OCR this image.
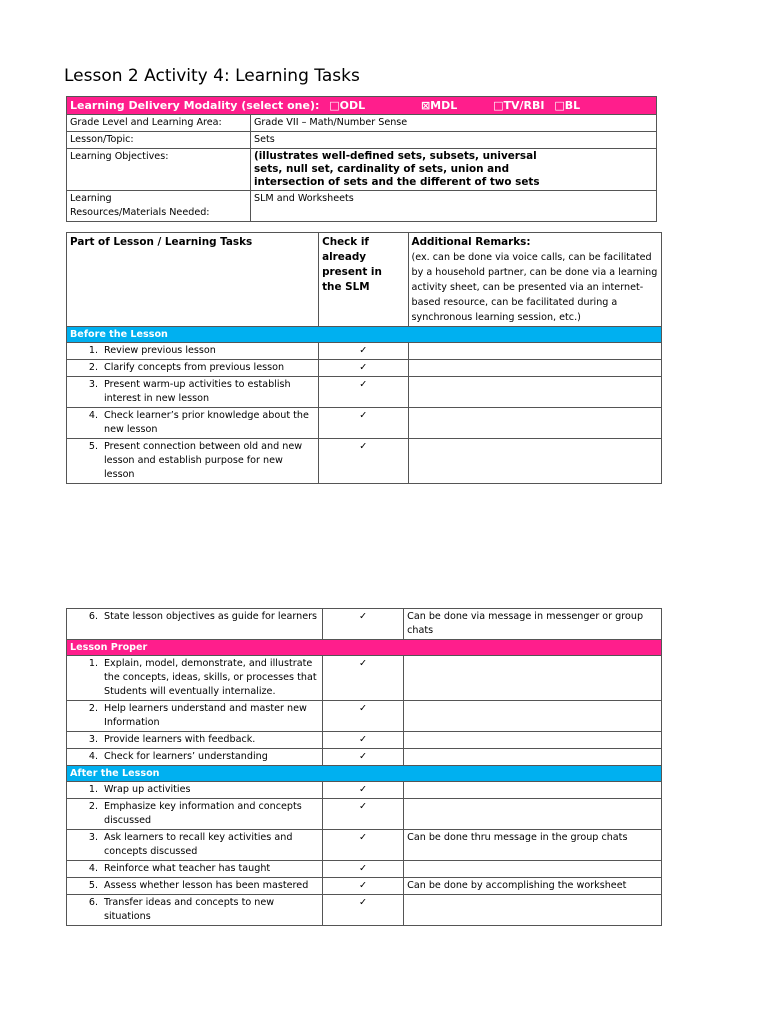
Lesson 2 Activity 4: Learning Tasks
Learning Delivery Modality (select one): □ODL ⊠MDL □TV/RBI □BL	
Grade Level and Learning Area:	Grade VII – Math/Number Sense
Lesson/Topic:	Sets
Learning Objectives:	(illustrates well-defined sets, subsets, universal sets, null set, cardinality of sets, union and intersection of sets and the different of two sets
Learning Resources/Materials Needed:	SLM and Worksheets
Part of Lesson / Learning Tasks	Check if already present in the SLM	Additional Remarks:
(ex. can be done via voice calls, can be facilitated by a household partner, can be done via a learning activity sheet, can be presented via an internet-based resource, can be facilitated during a synchronous learning session, etc.)

Before the Lesson		

1. Review previous lesson	✓	

2. Clarify concepts from previous lesson	✓	

3. Present warm-up activities to establish interest in new lesson	✓	

4. Check learner’s prior knowledge about the new lesson	✓	

5. Present connection between old and new lesson and establish purpose for new lesson	✓	
6. State lesson objectives as guide for learners	✓	Can be done via message in messenger or group chats
Lesson Proper		

1. Explain, model, demonstrate, and illustrate the concepts, ideas, skills, or processes that
Students will eventually internalize.	✓	

2. Help learners understand and master new Information	✓	

3. Provide learners with feedback.	✓	

4. Check for learners’ understanding	✓	
After the Lesson		

1. Wrap up activities	✓	

2. Emphasize key information and concepts discussed	✓	

3. Ask learners to recall key activities and concepts discussed	✓	Can be done thru message in the group chats

4. Reinforce what teacher has taught	✓	

5. Assess whether lesson has been mastered	✓	Can be done by accomplishing the worksheet

6. Transfer ideas and concepts to new situations	✓	
